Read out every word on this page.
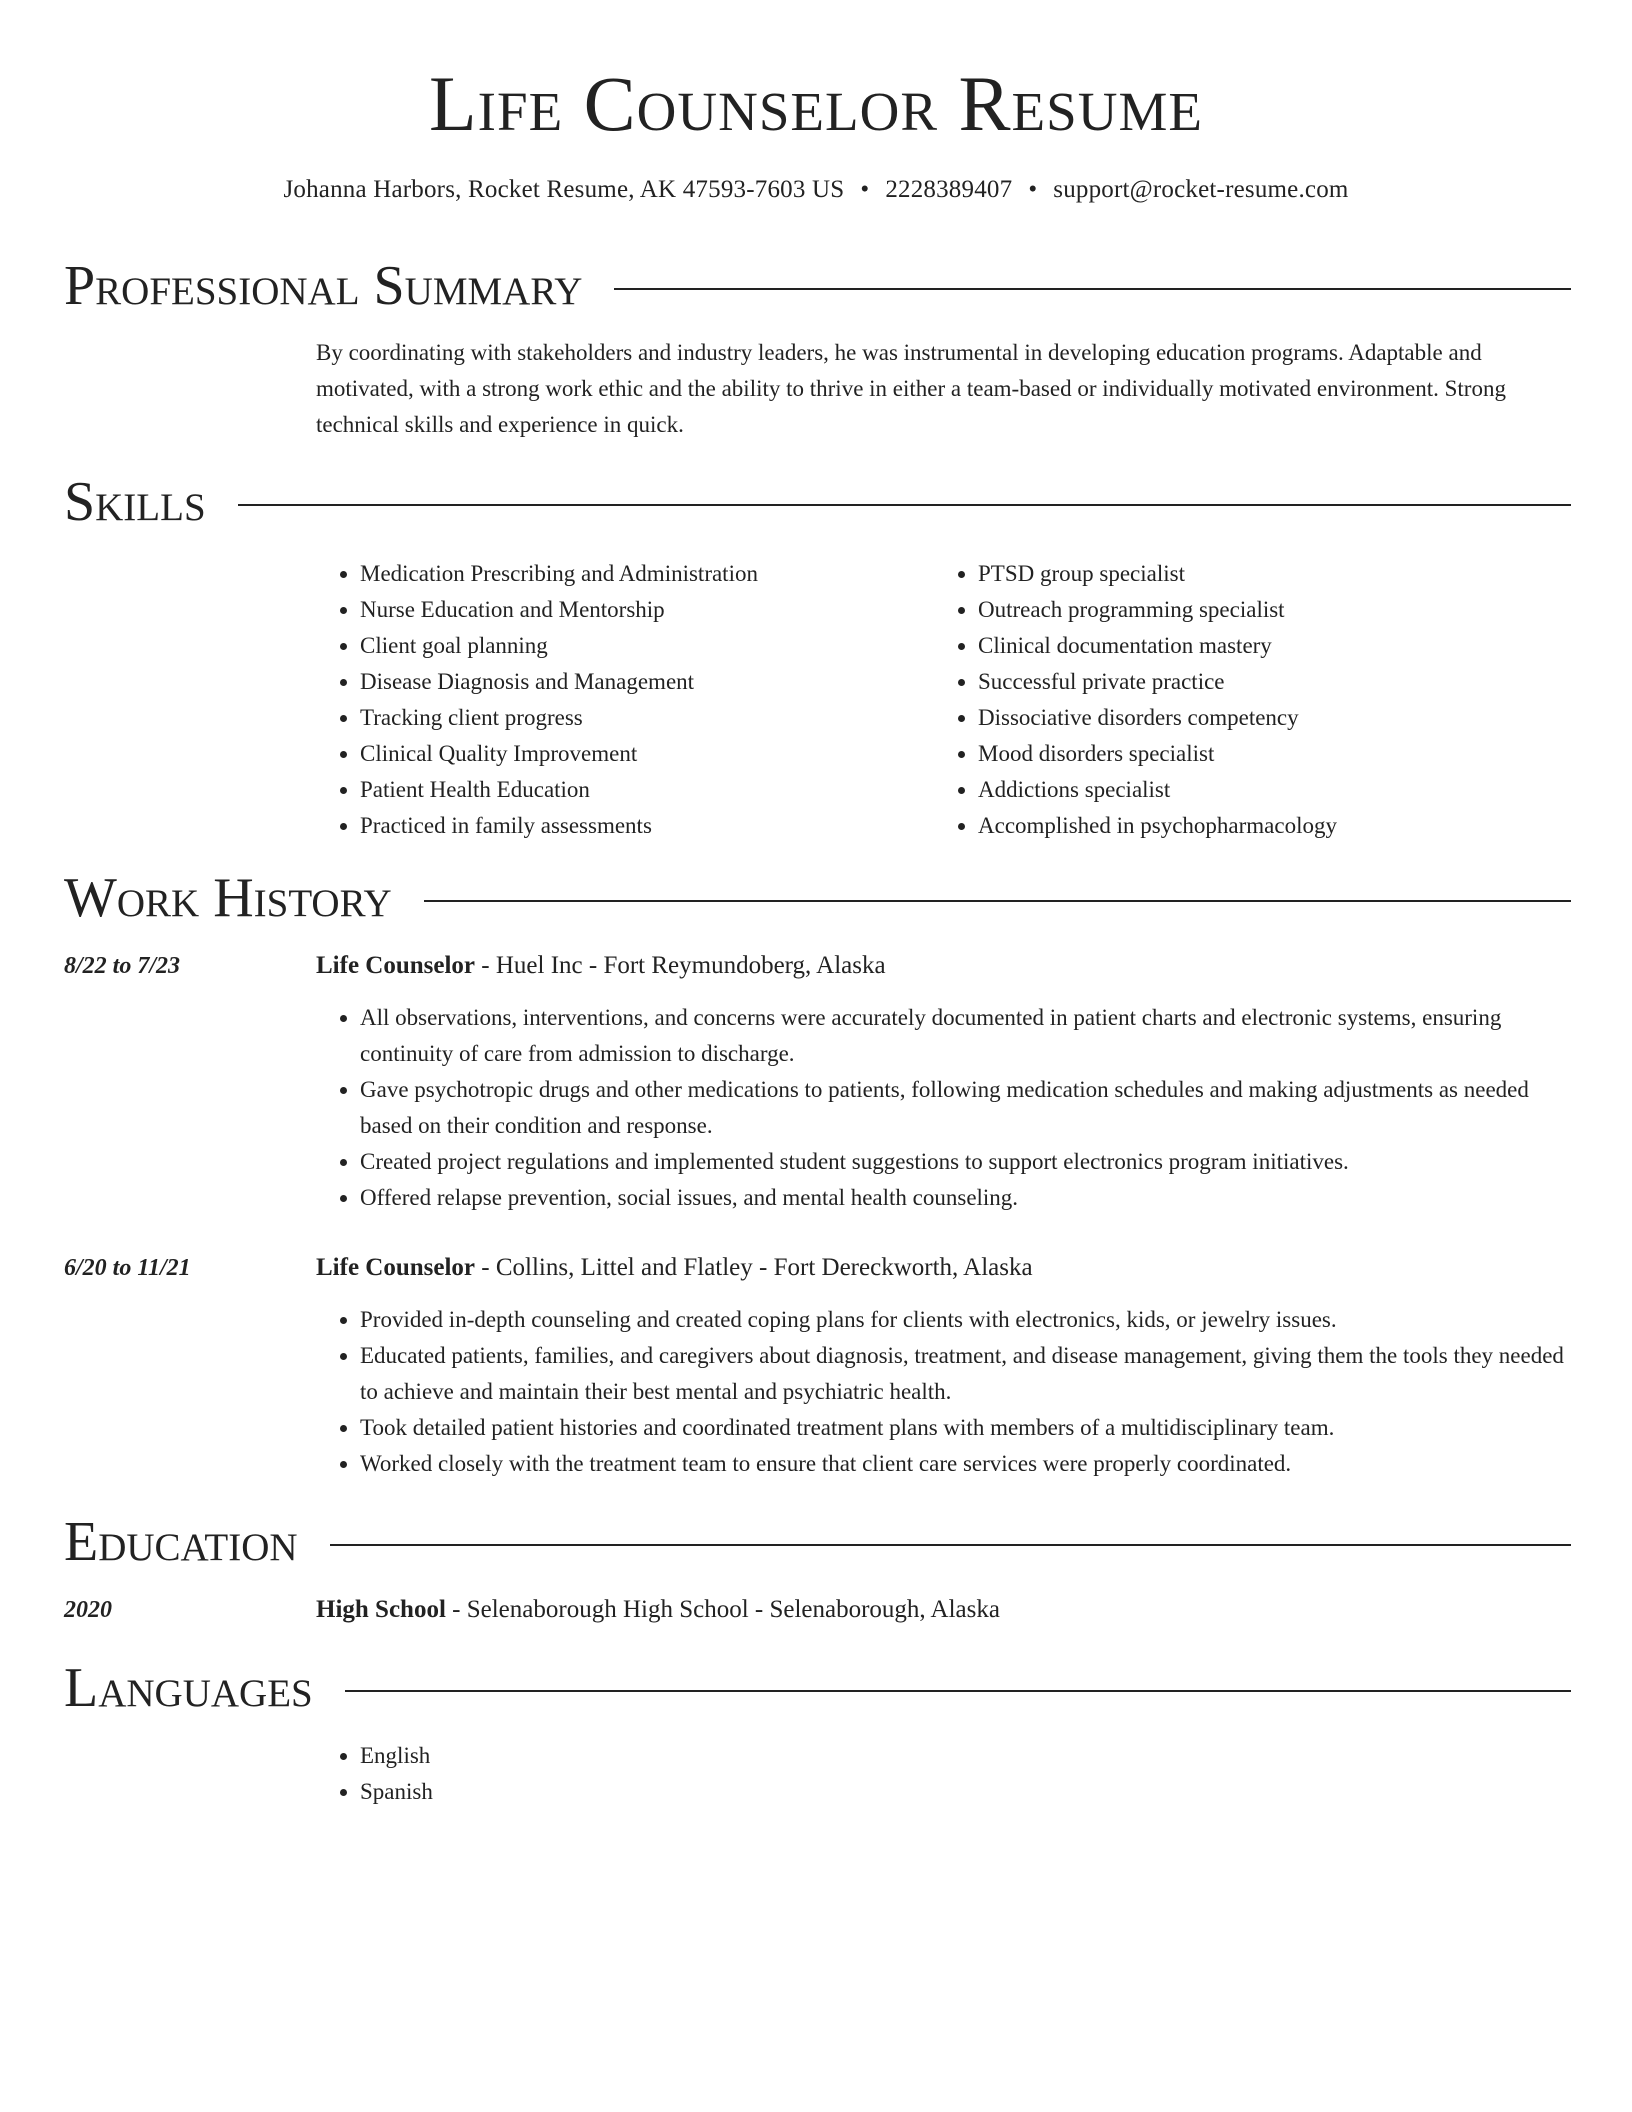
Life Counselor Resume
Johanna Harbors, Rocket Resume, AK 47593-7603 US • 2228389407 • support@rocket-resume.com
Professional Summary
By coordinating with stakeholders and industry leaders, he was instrumental in developing education programs. Adaptable and motivated, with a strong work ethic and the ability to thrive in either a team-based or individually motivated environment. Strong technical skills and experience in quick.
Skills
• Medication Prescribing and Administration
• Nurse Education and Mentorship
• Client goal planning
• Disease Diagnosis and Management
• Tracking client progress
• Clinical Quality Improvement
• Patient Health Education
• Practiced in family assessments
• PTSD group specialist
• Outreach programming specialist
• Clinical documentation mastery
• Successful private practice
• Dissociative disorders competency
• Mood disorders specialist
• Addictions specialist
• Accomplished in psychopharmacology
Work History
8/22 to 7/23	Life Counselor - Huel Inc - Fort Reymundoberg, Alaska
• All observations, interventions, and concerns were accurately documented in patient charts and electronic systems, ensuring continuity of care from admission to discharge.
• Gave psychotropic drugs and other medications to patients, following medication schedules and making adjustments as needed based on their condition and response.
• Created project regulations and implemented student suggestions to support electronics program initiatives.
• Offered relapse prevention, social issues, and mental health counseling.
6/20 to 11/21	Life Counselor - Collins, Littel and Flatley - Fort Dereckworth, Alaska
• Provided in-depth counseling and created coping plans for clients with electronics, kids, or jewelry issues.
• Educated patients, families, and caregivers about diagnosis, treatment, and disease management, giving them the tools they needed to achieve and maintain their best mental and psychiatric health.
• Took detailed patient histories and coordinated treatment plans with members of a multidisciplinary team.
• Worked closely with the treatment team to ensure that client care services were properly coordinated.
Education
2020	High School - Selenaborough High School - Selenaborough, Alaska
Languages
• English
• Spanish
